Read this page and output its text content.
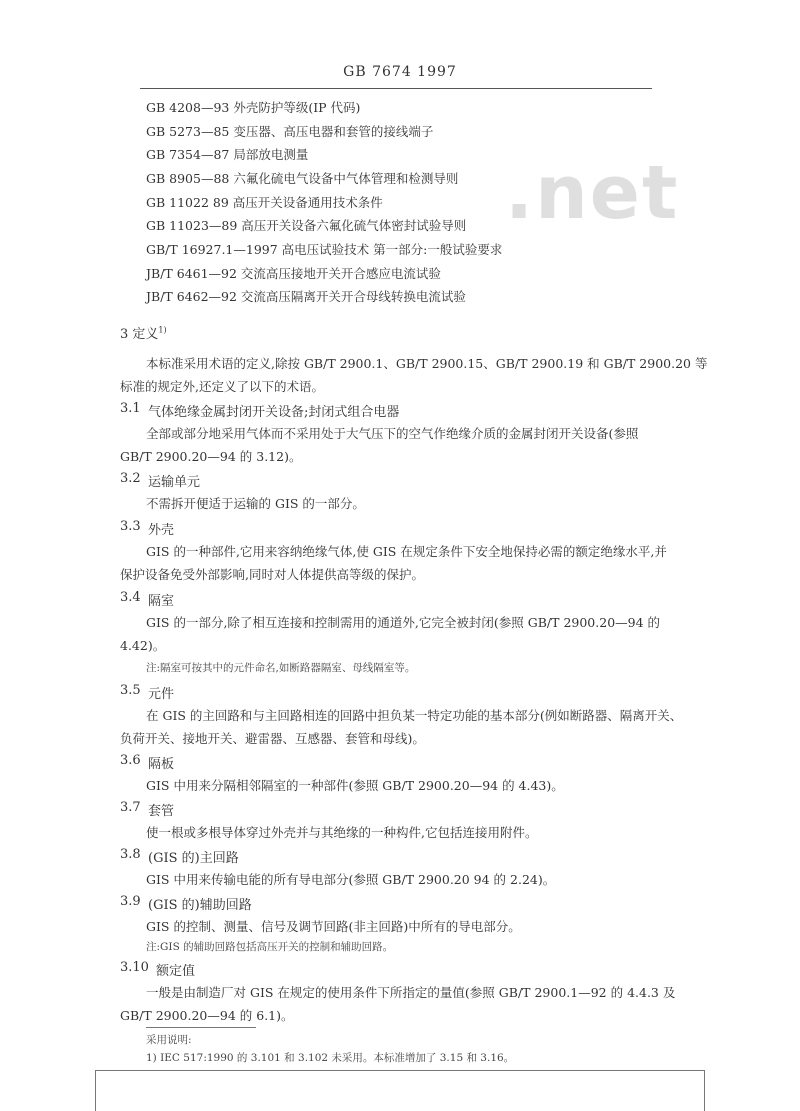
GB 7674 1997
.net
GB 4208—93 外壳防护等级(IP 代码)
GB 5273—85 变压器、高压电器和套管的接线端子
GB 7354—87 局部放电测量
GB 8905—88 六氟化硫电气设备中气体管理和检测导则
GB 11022 89 高压开关设备通用技术条件
GB 11023—89 高压开关设备六氟化硫气体密封试验导则
GB/T 16927.1—1997 高电压试验技术 第一部分:一般试验要求
JB/T 6461—92 交流高压接地开关开合感应电流试验
JB/T 6462—92 交流高压隔离开关开合母线转换电流试验
3 定义$^{1)}$
本标准采用术语的定义,除按 GB/T 2900.1、GB/T 2900.15、GB/T 2900.19 和 GB/T 2900.20 等
标准的规定外,还定义了以下的术语。
3.1 气体绝缘金属封闭开关设备;封闭式组合电器
全部或部分地采用气体而不采用处于大气压下的空气作绝缘介质的金属封闭开关设备(参照
GB/T 2900.20—94 的 3.12)。
3.2 运输单元
不需拆开便适于运输的 GIS 的一部分。
3.3 外壳
GIS 的一种部件,它用来容纳绝缘气体,使 GIS 在规定条件下安全地保持必需的额定绝缘水平,并
保护设备免受外部影响,同时对人体提供高等级的保护。
3.4 隔室
GIS 的一部分,除了相互连接和控制需用的通道外,它完全被封闭(参照 GB/T 2900.20—94 的
4.42)。
注:隔室可按其中的元件命名,如断路器隔室、母线隔室等。
3.5 元件
在 GIS 的主回路和与主回路相连的回路中担负某一特定功能的基本部分(例如断路器、隔离开关、
负荷开关、接地开关、避雷器、互感器、套管和母线)。
3.6 隔板
GIS 中用来分隔相邻隔室的一种部件(参照 GB/T 2900.20—94 的 4.43)。
3.7 套管
使一根或多根导体穿过外壳并与其绝缘的一种构件,它包括连接用附件。
3.8 (GIS 的)主回路
GIS 中用来传输电能的所有导电部分(参照 GB/T 2900.20 94 的 2.24)。
3.9 (GIS 的)辅助回路
GIS 的控制、测量、信号及调节回路(非主回路)中所有的导电部分。
注:GIS 的辅助回路包括高压开关的控制和辅助回路。
3.10 额定值
一般是由制造厂对 GIS 在规定的使用条件下所指定的量值(参照 GB/T 2900.1—92 的 4.4.3 及
GB/T 2900.20—94 的 6.1)。
采用说明:
1) IEC 517:1990 的 3.101 和 3.102 未采用。本标准增加了 3.15 和 3.16。
